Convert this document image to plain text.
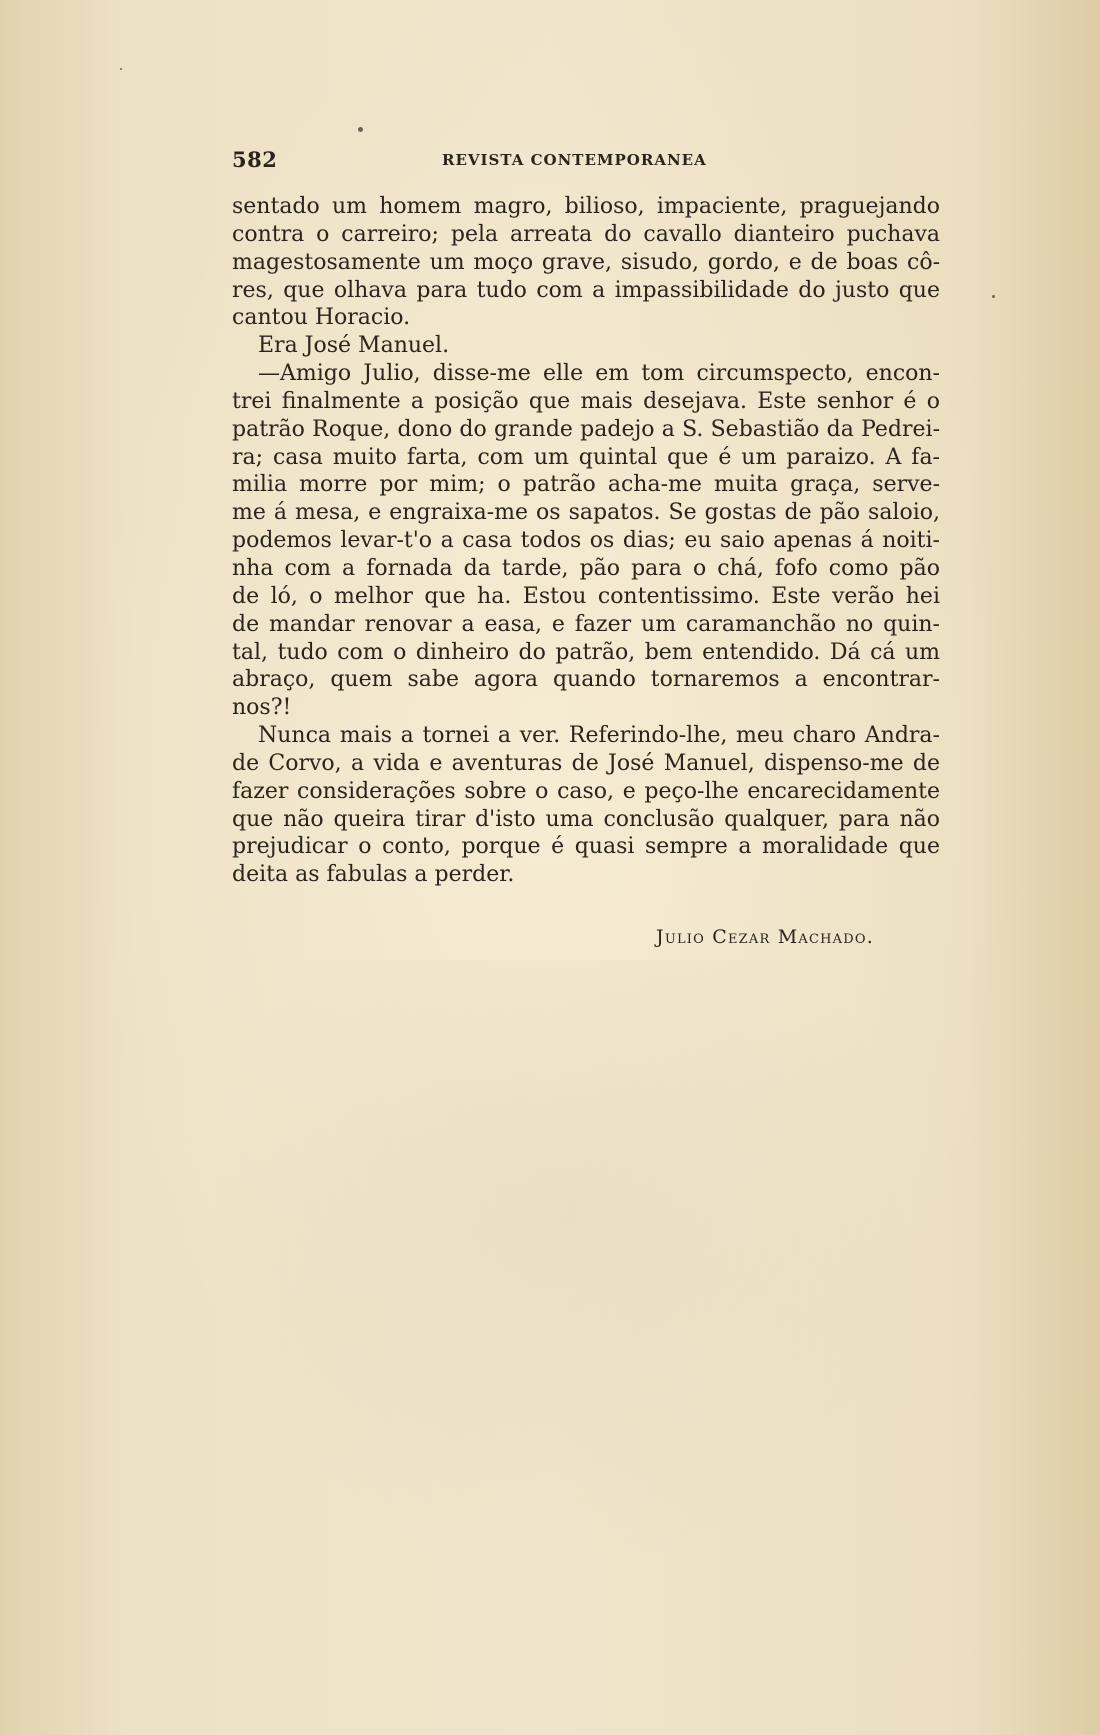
582	REVISTA CONTEMPORANEA
sentado um homem magro, bilioso, impaciente, praguejando
contra o carreiro; pela arreata do cavallo dianteiro puchava
magestosamente um moço grave, sisudo, gordo, e de boas cô-
res, que olhava para tudo com a impassibilidade do justo que
cantou Horacio.
Era José Manuel.
—Amigo Julio, disse-me elle em tom circumspecto, encon-
trei finalmente a posição que mais desejava. Este senhor é o
patrão Roque, dono do grande padejo a S. Sebastião da Pedrei-
ra; casa muito farta, com um quintal que é um paraizo. A fa-
milia morre por mim; o patrão acha-me muita graça, serve-
me á mesa, e engraixa-me os sapatos. Se gostas de pão saloio,
podemos levar-t'o a casa todos os dias; eu saio apenas á noiti-
nha com a fornada da tarde, pão para o chá, fofo como pão
de ló, o melhor que ha. Estou contentissimo. Este verão hei
de mandar renovar a easa, e fazer um caramanchão no quin-
tal, tudo com o dinheiro do patrão, bem entendido. Dá cá um
abraço, quem sabe agora quando tornaremos a encontrar-
nos?!
Nunca mais a tornei a ver. Referindo-lhe, meu charo Andra-
de Corvo, a vida e aventuras de José Manuel, dispenso-me de
fazer considerações sobre o caso, e peço-lhe encarecidamente
que não queira tirar d'isto uma conclusão qualquer, para não
prejudicar o conto, porque é quasi sempre a moralidade que
deita as fabulas a perder.
Julio Cezar Machado.
